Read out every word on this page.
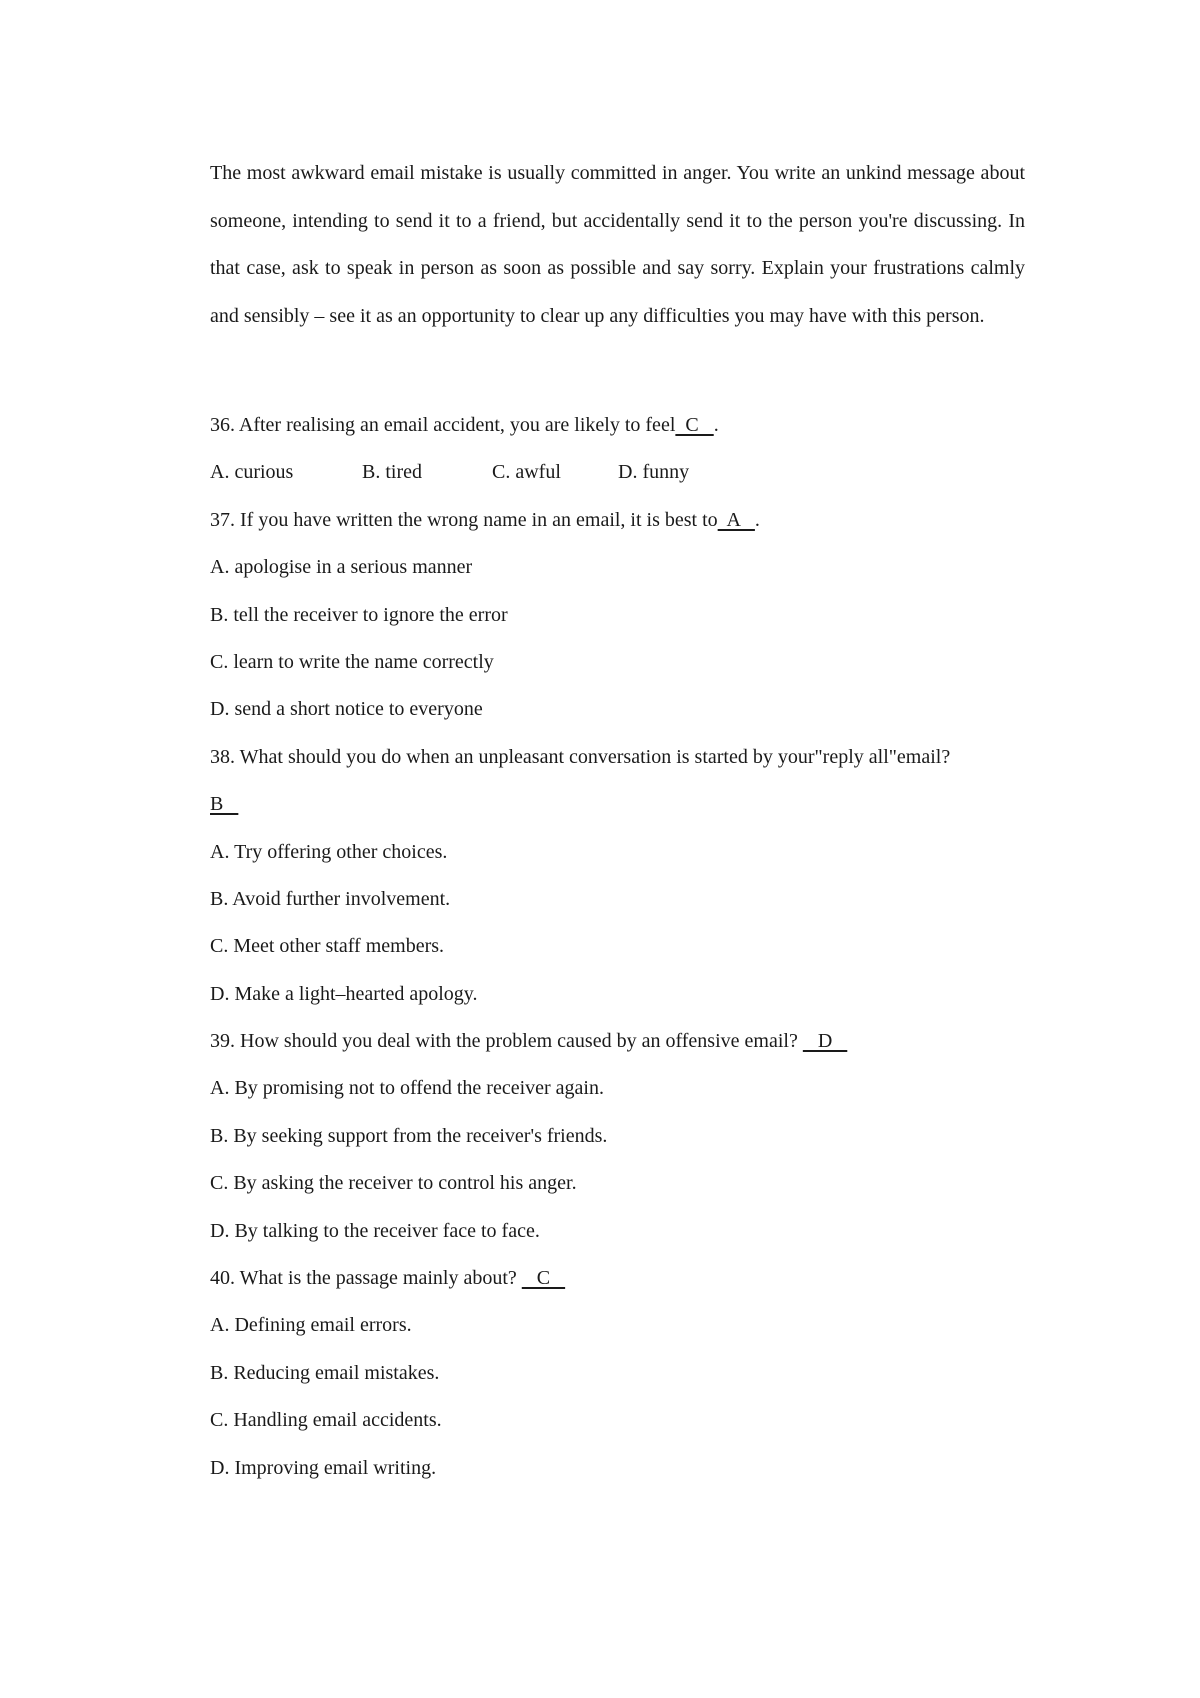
The most awkward email mistake is usually committed in anger. You write an unkind message about someone, intending to send it to a friend, but accidentally send it to the person you're discussing. In that case, ask to speak in person as soon as possible and say sorry. Explain your frustrations calmly and sensibly – see it as an opportunity to clear up any difficulties you may have with this person.

36. After realising an email accident, you are likely to feel  C   .
A. curious	B. tired	C. awful	D. funny
37. If you have written the wrong name in an email, it is best to  A   .
A. apologise in a serious manner
B. tell the receiver to ignore the error
C. learn to write the name correctly
D. send a short notice to everyone
38. What should you do when an unpleasant conversation is started by your"reply all"email?
B
A. Try offering other choices.
B. Avoid further involvement.
C. Meet other staff members.
D. Make a light–hearted apology.
39. How should you deal with the problem caused by an offensive email?    D
A. By promising not to offend the receiver again.
B. By seeking support from the receiver's friends.
C. By asking the receiver to control his anger.
D. By talking to the receiver face to face.
40. What is the passage mainly about?    C
A. Defining email errors.
B. Reducing email mistakes.
C. Handling email accidents.
D. Improving email writing.
